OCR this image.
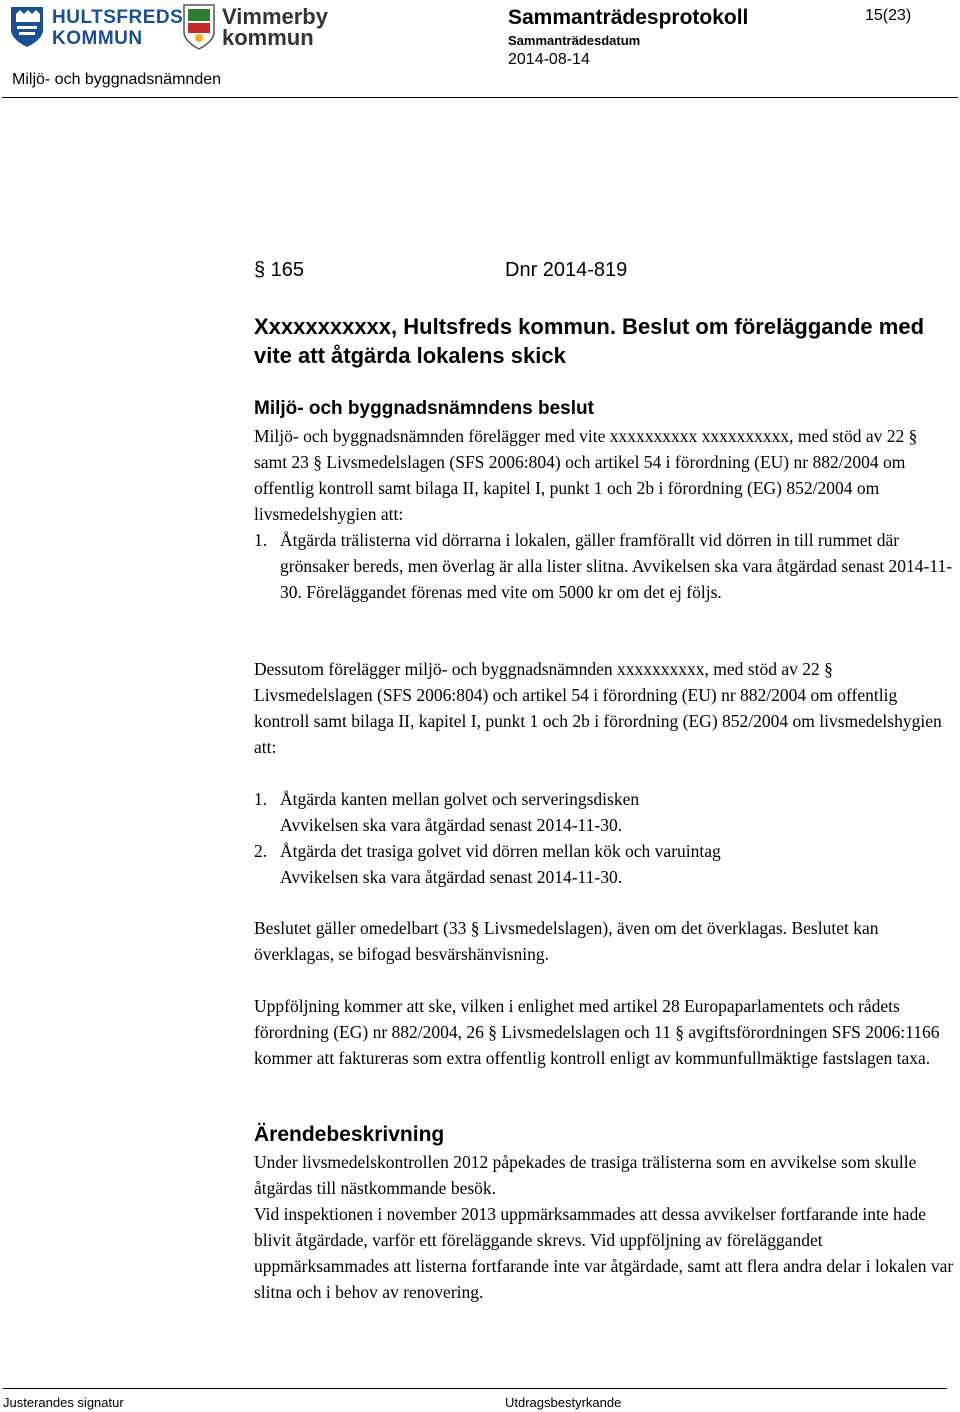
HULTSFREDS
KOMMUN
Vimmerby
kommun
Miljö- och byggnadsnämnden
Sammanträdesprotokoll	15(23)
Sammanträdesdatum
2014-08-14
§ 165	Dnr 2014-819
Xxxxxxxxxxx, Hultsfreds kommun. Beslut om föreläggande med vite att åtgärda lokalens skick
Miljö- och byggnadsnämndens beslut
Miljö- och byggnadsnämnden förelägger med vite xxxxxxxxxx xxxxxxxxxx, med stöd av 22 § samt 23 § Livsmedelslagen (SFS 2006:804) och artikel 54 i förordning (EU) nr 882/2004 om offentlig kontroll samt bilaga II, kapitel I, punkt 1 och 2b i förordning (EG) 852/2004 om livsmedelshygien att:
1. Åtgärda trälisterna vid dörrarna i lokalen, gäller framförallt vid dörren in till rummet där grönsaker bereds, men överlag är alla lister slitna. Avvikelsen ska vara åtgärdad senast 2014-11-30. Föreläggandet förenas med vite om 5000 kr om det ej följs.
Dessutom förelägger miljö- och byggnadsnämnden xxxxxxxxxx, med stöd av 22 § Livsmedelslagen (SFS 2006:804) och artikel 54 i förordning (EU) nr 882/2004 om offentlig kontroll samt bilaga II, kapitel I, punkt 1 och 2b i förordning (EG) 852/2004 om livsmedelshygien att:
1. Åtgärda kanten mellan golvet och serveringsdisken
Avvikelsen ska vara åtgärdad senast 2014-11-30.
2. Åtgärda det trasiga golvet vid dörren mellan kök och varuintag
Avvikelsen ska vara åtgärdad senast 2014-11-30.
Beslutet gäller omedelbart (33 § Livsmedelslagen), även om det överklagas. Beslutet kan överklagas, se bifogad besvärshänvisning.
Uppföljning kommer att ske, vilken i enlighet med artikel 28 Europaparlamentets och rådets förordning (EG) nr 882/2004, 26 § Livsmedelslagen och 11 § avgiftsförordningen SFS 2006:1166 kommer att faktureras som extra offentlig kontroll enligt av kommunfullmäktige fastslagen taxa.
Ärendebeskrivning
Under livsmedelskontrollen 2012 påpekades de trasiga trälisterna som en avvikelse som skulle åtgärdas till nästkommande besök.
Vid inspektionen i november 2013 uppmärksammades att dessa avvikelser fortfarande inte hade blivit åtgärdade, varför ett föreläggande skrevs. Vid uppföljning av föreläggandet uppmärksammades att listerna fortfarande inte var åtgärdade, samt att flera andra delar i lokalen var slitna och i behov av renovering.
Justerandes signatur	Utdragsbestyrkande
